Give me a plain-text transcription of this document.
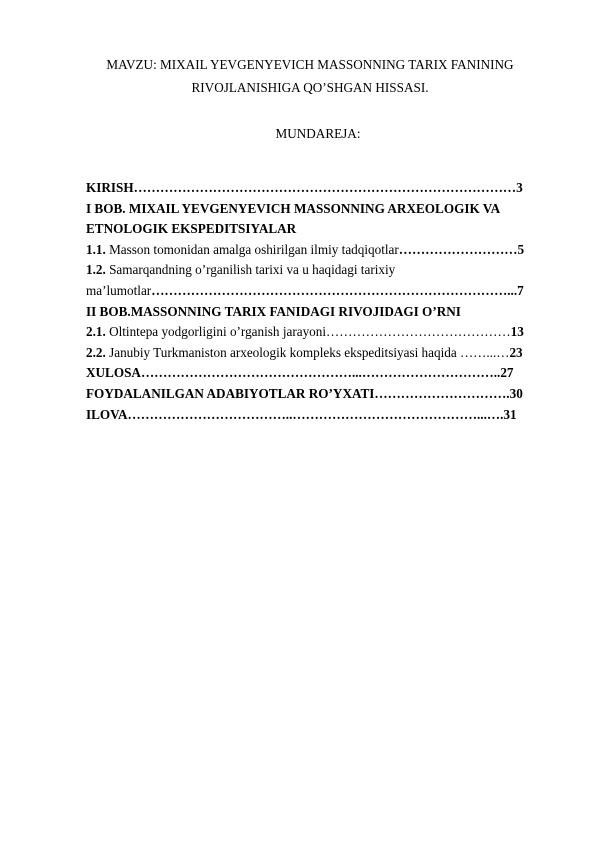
MAVZU: MIXAIL YEVGENYEVICH MASSONNING TARIX FANINING
RIVOJLANISHIGA QO’SHGAN HISSASI.
MUNDAREJA:
KIRISH……………………………………………………………………………3
I BOB. MIXAIL YEVGENYEVICH MASSONNING ARXEOLOGIK VA
ETNOLOGIK EKSPEDITSIYALAR
1.1. Masson tomonidan amalga oshirilgan ilmiy tadqiqotlar………………………5
1.2. Samarqandning o’rganilish tarixi va u haqidagi tarixiy
ma’lumotlar………………………………………………………………………...7
II BOB.MASSONNING TARIX FANIDAGI RIVOJIDAGI O’RNI
2.1. Oltintepa yodgorligini o’rganish jarayoni……………………………………13
2.2. Janubiy Turkmaniston arxeologik kompleks ekspeditsiyasi haqida ……...…23
XULOSA…………………………………………...…………………………..27
FOYDALANILGAN ADABIYOTLAR RO’YXATI………………………….30
ILOVA………………………………..……………………………………...….31
